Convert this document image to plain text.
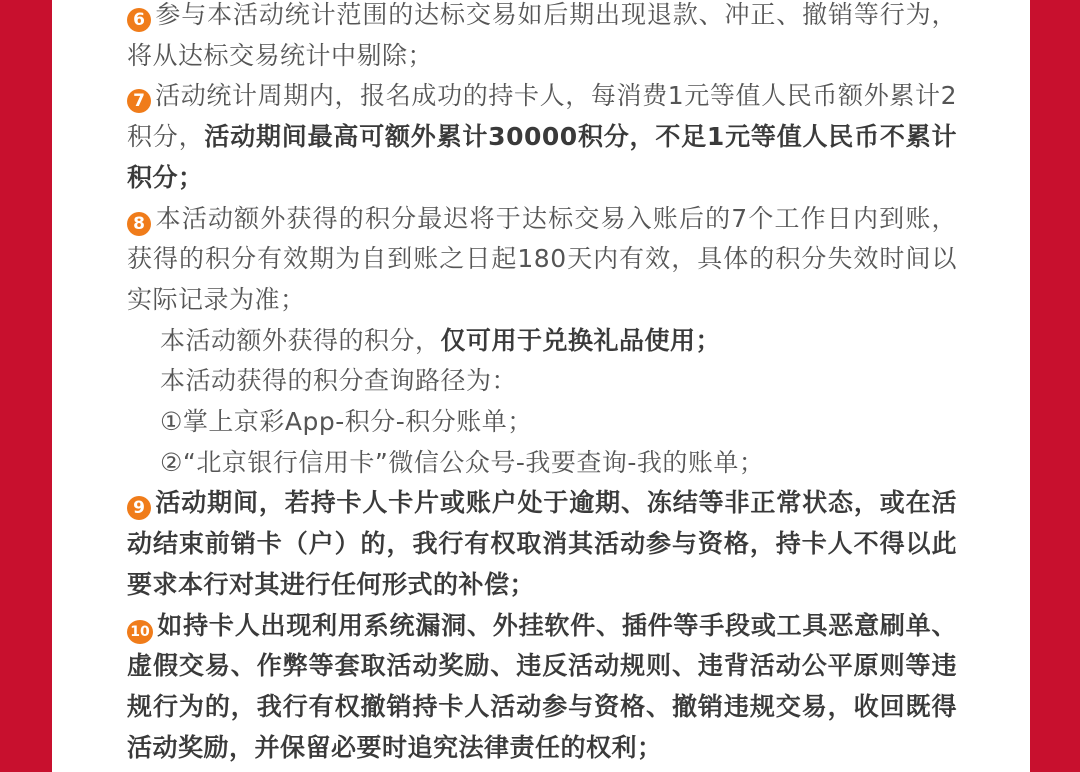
6 参与本活动统计范围的达标交易如后期出现退款、冲正、撤销等行为，将从达标交易统计中剔除；

7 活动统计周期内，报名成功的持卡人，每消费1元等值人民币额外累计2积分，活动期间最高可额外累计30000积分，不足1元等值人民币不累计积分；

8 本活动额外获得的积分最迟将于达标交易入账后的7个工作日内到账，获得的积分有效期为自到账之日起180天内有效，具体的积分失效时间以实际记录为准；

本活动额外获得的积分，仅可用于兑换礼品使用；

本活动获得的积分查询路径为：

①掌上京彩App-积分-积分账单；

②“北京银行信用卡”微信公众号-我要查询-我的账单；

9 活动期间，若持卡人卡片或账户处于逾期、冻结等非正常状态，或在活动结束前销卡（户）的，我行有权取消其活动参与资格，持卡人不得以此要求本行对其进行任何形式的补偿；

10 如持卡人出现利用系统漏洞、外挂软件、插件等手段或工具恶意刷单、虚假交易、作弊等套取活动奖励、违反活动规则、违背活动公平原则等违规行为的，我行有权撤销持卡人活动参与资格、撤销违规交易，收回既得活动奖励，并保留必要时追究法律责任的权利；
